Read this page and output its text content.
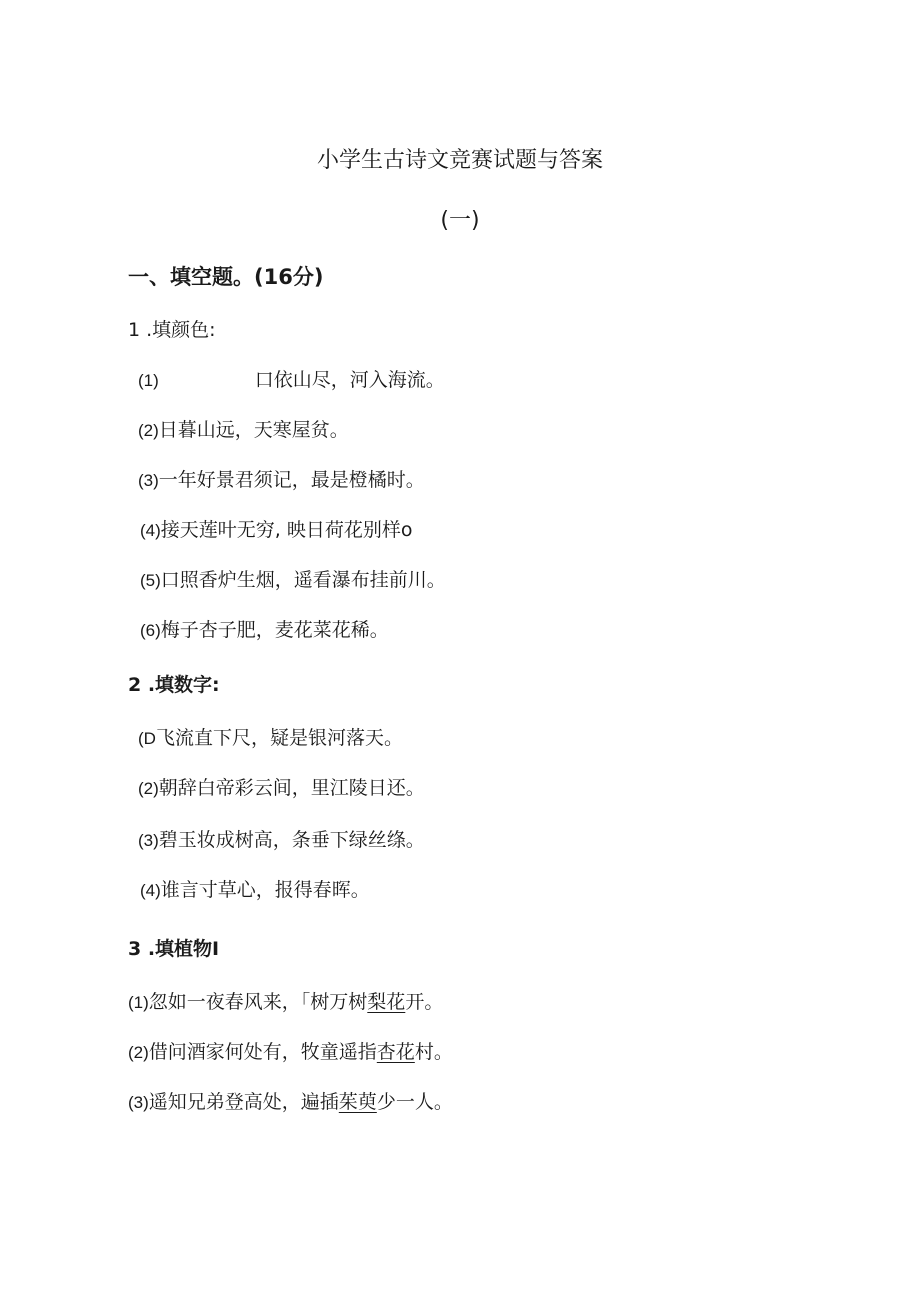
小学生古诗文竞赛试题与答案
(一)
一、填空题。(16分)
1 .填颜色:
(1)	口依山尽，河入海流。
(2)日暮山远，天寒屋贫。
(3)一年好景君须记，最是橙橘时。
(4)接天莲叶无穷, 映日荷花别样o
(5)口照香炉生烟，遥看瀑布挂前川。
(6)梅子杏子肥，麦花菜花稀。
2 .填数字:
(D飞流直下尺，疑是银河落天。
(2)朝辞白帝彩云间，里江陵日还。
(3)碧玉妆成树高，条垂下绿丝绦。
(4)谁言寸草心，报得春晖。
3 .填植物I
(1)忽如一夜春风来，「树万树梨花开。
(2)借问酒家何处有，牧童遥指杏花村。
(3)遥知兄弟登高处，遍插茱萸少一人。
